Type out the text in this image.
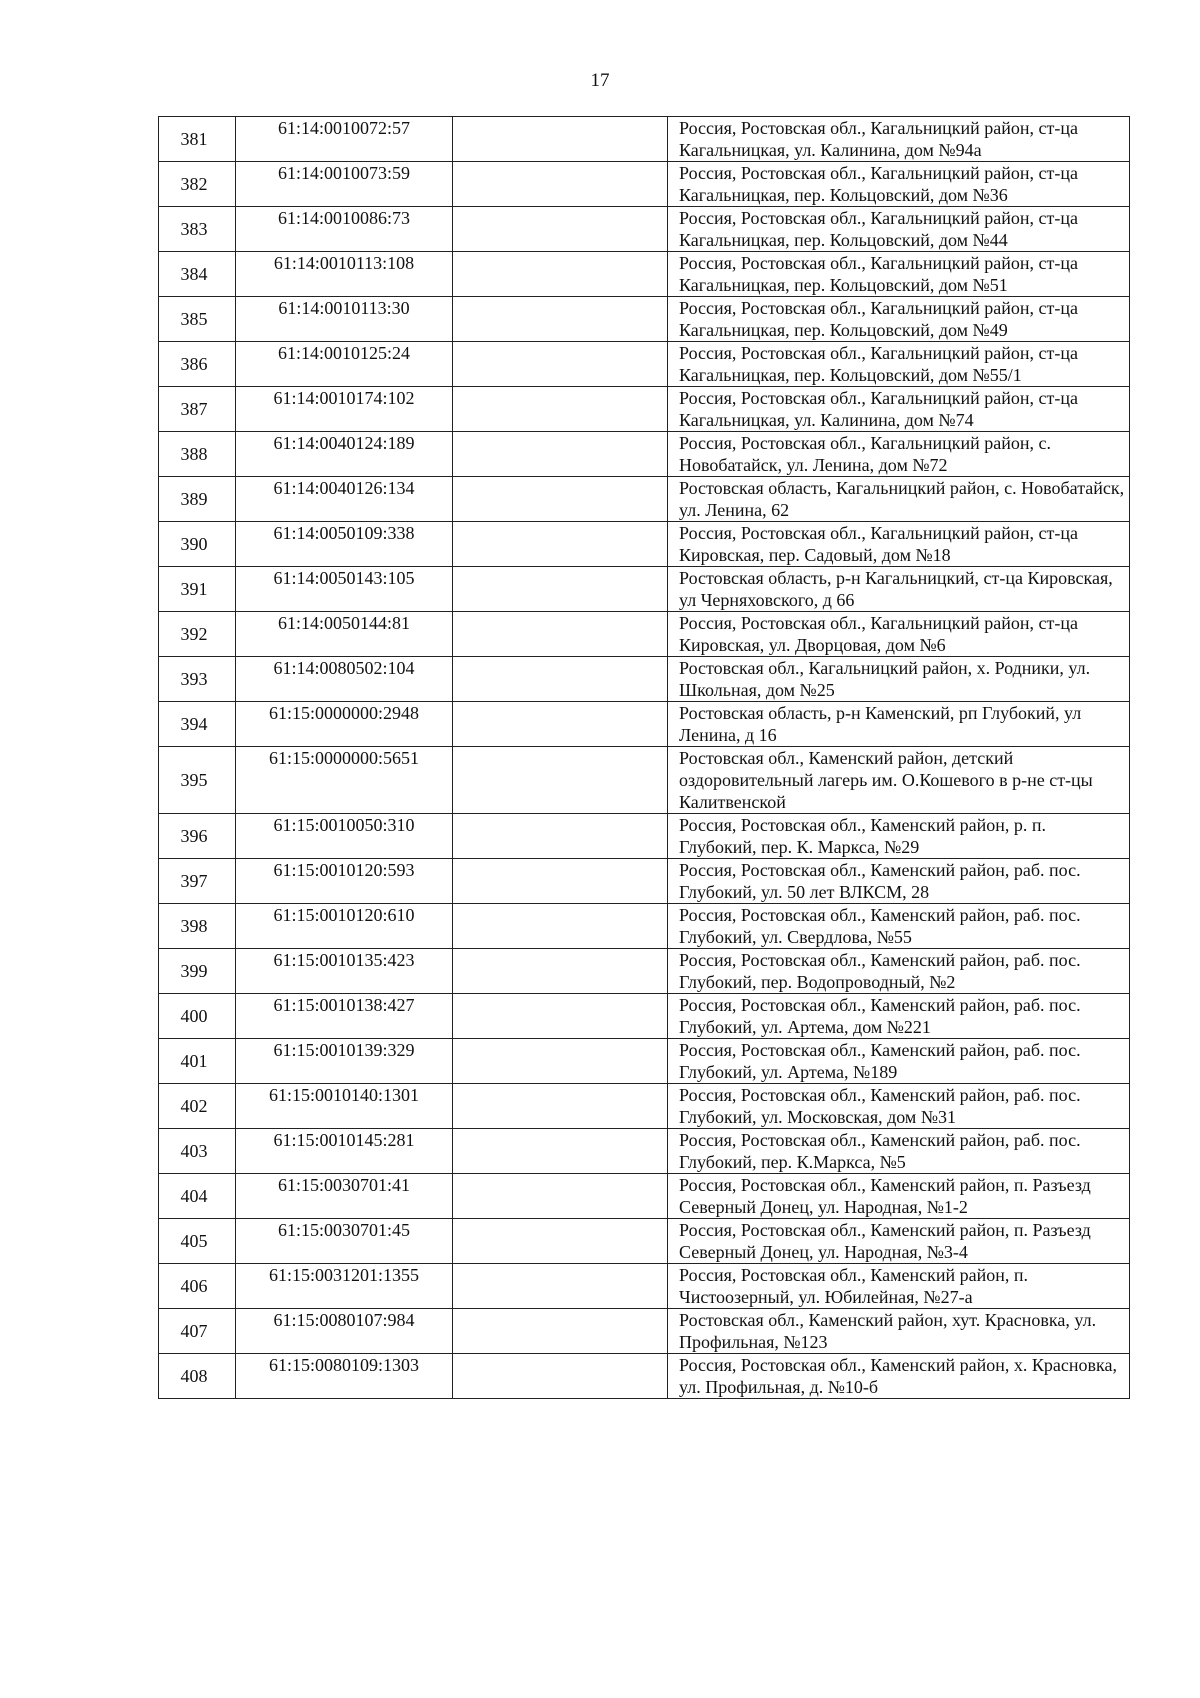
17
381	61:14:0010072:57		Россия, Ростовская обл., Кагальницкий район, ст-ца Кагальницкая, ул. Калинина, дом №94а
382	61:14:0010073:59		Россия, Ростовская обл., Кагальницкий район, ст-ца Кагальницкая, пер. Кольцовский, дом №36
383	61:14:0010086:73		Россия, Ростовская обл., Кагальницкий район, ст-ца Кагальницкая, пер. Кольцовский, дом №44
384	61:14:0010113:108		Россия, Ростовская обл., Кагальницкий район, ст-ца Кагальницкая, пер. Кольцовский, дом №51
385	61:14:0010113:30		Россия, Ростовская обл., Кагальницкий район, ст-ца Кагальницкая, пер. Кольцовский, дом №49
386	61:14:0010125:24		Россия, Ростовская обл., Кагальницкий район, ст-ца Кагальницкая, пер. Кольцовский, дом №55/1
387	61:14:0010174:102		Россия, Ростовская обл., Кагальницкий район, ст-ца Кагальницкая, ул. Калинина, дом №74
388	61:14:0040124:189		Россия, Ростовская обл., Кагальницкий район, с. Новобатайск, ул. Ленина, дом №72
389	61:14:0040126:134		Ростовская область, Кагальницкий район, с. Новобатайск, ул. Ленина, 62
390	61:14:0050109:338		Россия, Ростовская обл., Кагальницкий район, ст-ца Кировская, пер. Садовый, дом №18
391	61:14:0050143:105		Ростовская область, р-н Кагальницкий, ст-ца Кировская, ул Черняховского, д 66
392	61:14:0050144:81		Россия, Ростовская обл., Кагальницкий район, ст-ца Кировская, ул. Дворцовая, дом №6
393	61:14:0080502:104		Ростовская обл., Кагальницкий район, х. Родники, ул. Школьная, дом №25
394	61:15:0000000:2948		Ростовская область, р-н Каменский, рп Глубокий, ул Ленина, д 16
395	61:15:0000000:5651		Ростовская обл., Каменский район, детский оздоровительный лагерь им. О.Кошевого в р-не ст-цы Калитвенской
396	61:15:0010050:310		Россия, Ростовская обл., Каменский район, р. п. Глубокий, пер. К. Маркса, №29
397	61:15:0010120:593		Россия, Ростовская обл., Каменский район, раб. пос. Глубокий, ул. 50 лет ВЛКСМ, 28
398	61:15:0010120:610		Россия, Ростовская обл., Каменский район, раб. пос. Глубокий, ул. Свердлова, №55
399	61:15:0010135:423		Россия, Ростовская обл., Каменский район, раб. пос. Глубокий, пер. Водопроводный, №2
400	61:15:0010138:427		Россия, Ростовская обл., Каменский район, раб. пос. Глубокий, ул. Артема, дом №221
401	61:15:0010139:329		Россия, Ростовская обл., Каменский район, раб. пос. Глубокий, ул. Артема, №189
402	61:15:0010140:1301		Россия, Ростовская обл., Каменский район, раб. пос. Глубокий, ул. Московская, дом №31
403	61:15:0010145:281		Россия, Ростовская обл., Каменский район, раб. пос. Глубокий, пер. К.Маркса, №5
404	61:15:0030701:41		Россия, Ростовская обл., Каменский район, п. Разъезд Северный Донец, ул. Народная, №1-2
405	61:15:0030701:45		Россия, Ростовская обл., Каменский район, п. Разъезд Северный Донец, ул. Народная, №3-4
406	61:15:0031201:1355		Россия, Ростовская обл., Каменский район, п. Чистоозерный, ул. Юбилейная, №27-а
407	61:15:0080107:984		Ростовская обл., Каменский район, хут. Красновка, ул. Профильная, №123
408	61:15:0080109:1303		Россия, Ростовская обл., Каменский район, х. Красновка, ул. Профильная, д. №10-б
